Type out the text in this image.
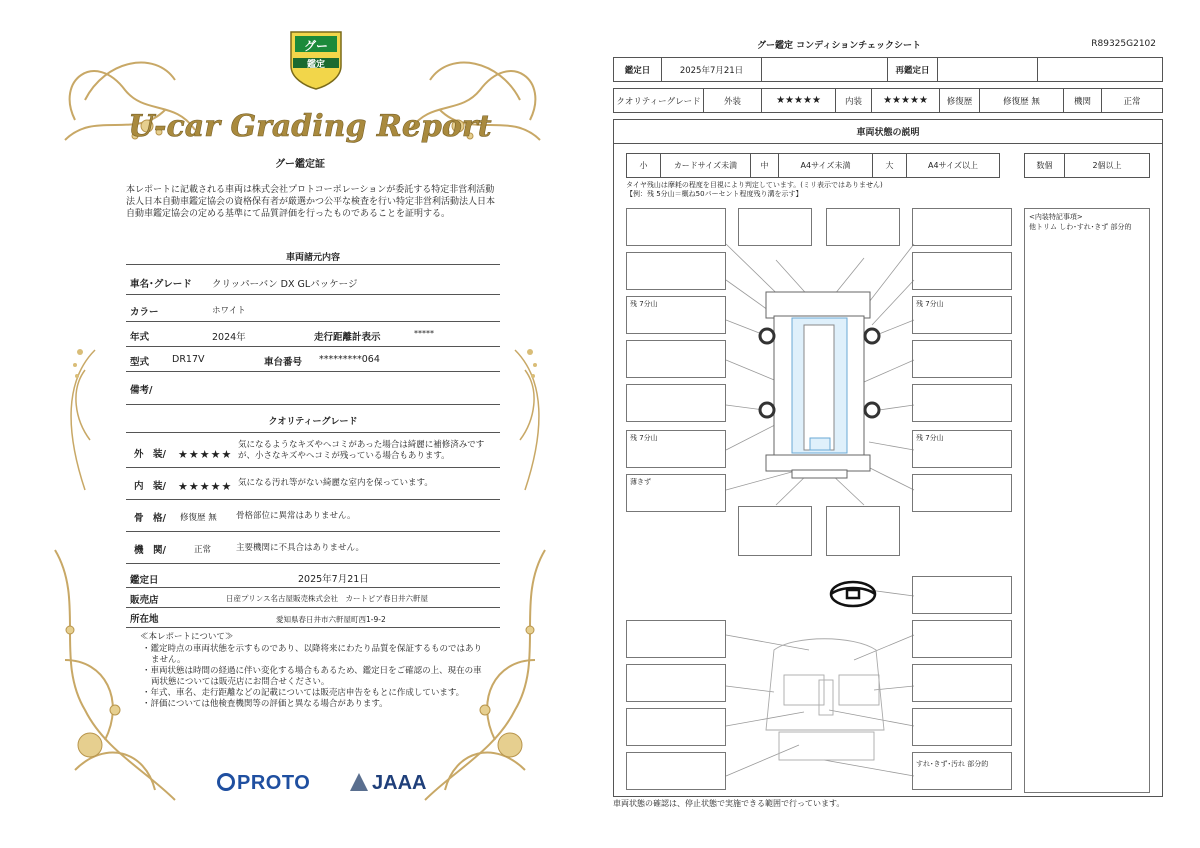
グー
鑑定
U-car Grading Report
グー鑑定証
本レポートに記載される車両は株式会社プロトコーポレーションが委託する特定非営利活動法人日本自動車鑑定協会の資格保有者が厳選かつ公平な検査を行い特定非営利活動法人日本自動車鑑定協会の定める基準にて品質評価を行ったものであることを証明する。
車両諸元内容
車名･グレード クリッパーバン DX GLパッケージ
カラー	ホワイト
年式	2024年	走行距離計表示	*****
型式 DR17V	車台番号 *********064
備考/
クオリティーグレード
外　装/ ★★★★★
気になるようなキズやヘコミがあった場合は綺麗に補修済みですが、小さなキズやヘコミが残っている場合もあります。
内　装/ ★★★★★ 気になる汚れ等がない綺麗な室内を保っています。
骨　格/ 修復歴 無 骨格部位に異常はありません。
機　関/	正常	主要機関に不具合はありません。
鑑定日	2025年7月21日
販売店	日産プリンス名古屋販売株式会社　カートピア春日井六軒屋
所在地	愛知県春日井市六軒屋町西1-9-2
≪本レポートについて≫
・鑑定時点の車両状態を示すものであり、以降将来にわたり品質を保証するものではありません。
・車両状態は時間の経過に伴い変化する場合もあるため、鑑定日をご確認の上、現在の車両状態については販売店にお問合せください。
・年式、車名、走行距離などの記載については販売店申告をもとに作成しています。
・評価については他検査機関等の評価と異なる場合があります。
PROTO	JAAA
グー鑑定 コンディションチェックシート	R89325G2102
鑑定日	2025年7月21日	再鑑定日
クオリティーグレード	外装	★★★★★	内装	★★★★★	修復歴	修復歴 無	機関	正常
車両状態の説明
小	カードサイズ未満	中	A4サイズ未満	大	A4サイズ以上	数個	2個以上
タイヤ残山は摩耗の程度を目視により判定しています。(ミリ表示ではありません)
【例：残 5分山＝概ね50パーセント程度残り溝を示す】
残 7分山	残 7分山
残 7分山	残 7分山
薄きず
すれ･きず･汚れ 部分的
<内装特記事項>
他トリム しわ･すれ･きず 部分的
車両状態の確認は、停止状態で実施できる範囲で行っています。
